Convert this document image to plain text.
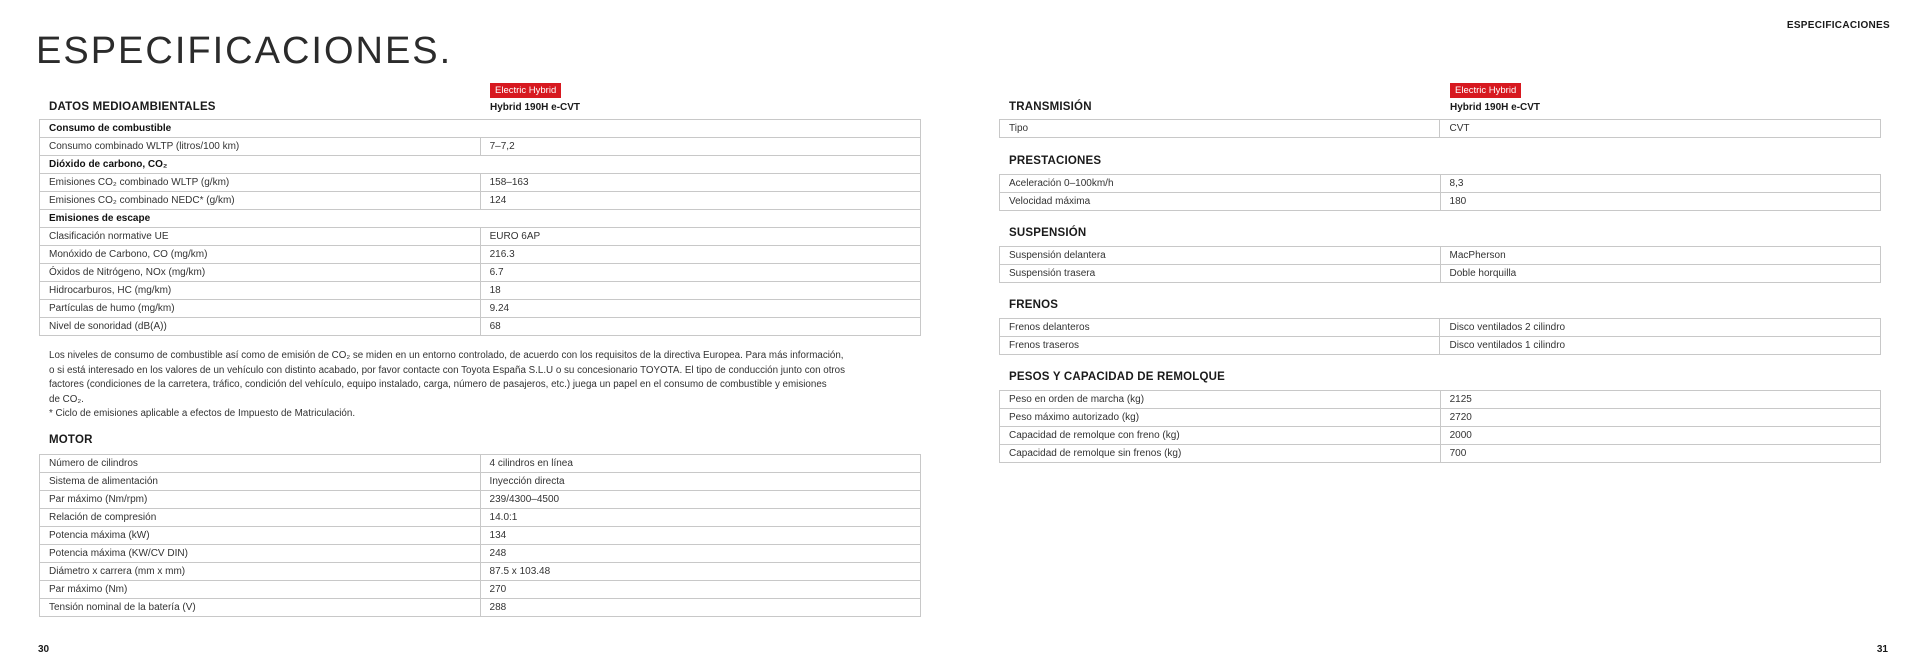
ESPECIFICACIONES.
ESPECIFICACIONES
Electric Hybrid
Hybrid 190H e-CVT
DATOS MEDIOAMBIENTALES
Consumo de combustible	
Consumo combinado WLTP (litros/100 km)	7–7,2
Dióxido de carbono, CO₂	
Emisiones CO₂ combinado WLTP (g/km)	158–163
Emisiones CO₂ combinado NEDC* (g/km)	124
Emisiones de escape	
Clasificación normative UE	EURO 6AP
Monóxido de Carbono, CO (mg/km)	216.3
Óxidos de Nitrógeno, NOx (mg/km)	6.7
Hidrocarburos, HC (mg/km)	18
Partículas de humo (mg/km)	9.24
Nivel de sonoridad (dB(A))	68
Los niveles de consumo de combustible así como de emisión de CO₂ se miden en un entorno controlado, de acuerdo con los requisitos de la directiva Europea. Para más información,
o si está interesado en los valores de un vehículo con distinto acabado, por favor contacte con Toyota España S.L.U o su concesionario TOYOTA. El tipo de conducción junto con otros
factores (condiciones de la carretera, tráfico, condición del vehículo, equipo instalado, carga, número de pasajeros, etc.) juega un papel en el consumo de combustible y emisiones
de CO₂.
* Ciclo de emisiones aplicable a efectos de Impuesto de Matriculación.
MOTOR
Número de cilindros	4 cilindros en línea
Sistema de alimentación	Inyección directa
Par máximo (Nm/rpm)	239/4300–4500
Relación de compresión	14.0:1
Potencia máxima (kW)	134
Potencia máxima (KW/CV DIN)	248
Diámetro x carrera (mm x mm)	87.5 x 103.48
Par máximo (Nm)	270
Tensión nominal de la batería (V)	288
30
Electric Hybrid
Hybrid 190H e-CVT
TRANSMISIÓN
Tipo	CVT
PRESTACIONES
Aceleración 0–100km/h	8,3
Velocidad máxima	180
SUSPENSIÓN
Suspensión delantera	MacPherson
Suspensión trasera	Doble horquilla
FRENOS
Frenos delanteros	Disco ventilados 2 cilindro
Frenos traseros	Disco ventilados 1 cilindro
PESOS Y CAPACIDAD DE REMOLQUE
Peso en orden de marcha (kg)	2125
Peso máximo autorizado (kg)	2720
Capacidad de remolque con freno (kg)	2000
Capacidad de remolque sin frenos (kg)	700
31
